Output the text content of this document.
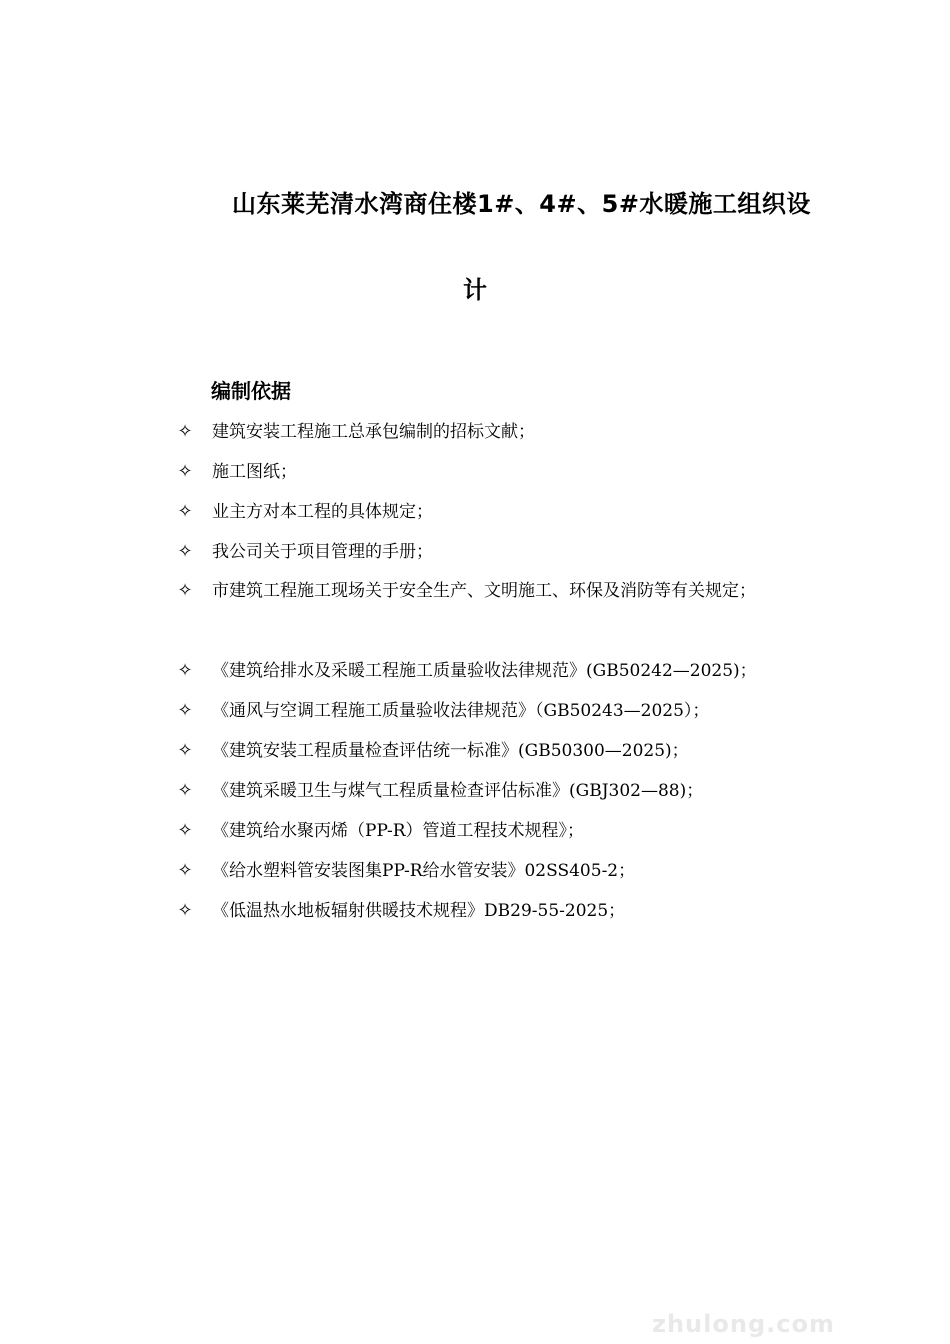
山东莱芜清水湾商住楼1#、4#、5#水暖施工组织设
计
编制依据
✧ 建筑安装工程施工总承包编制的招标文献；
✧ 施工图纸；
✧ 业主方对本工程的具体规定；
✧ 我公司关于项目管理的手册；
✧ 市建筑工程施工现场关于安全生产、文明施工、环保及消防等有关规定；
✧ 《建筑给排水及采暖工程施工质量验收法律规范》(GB50242—2025)；
✧ 《通风与空调工程施工质量验收法律规范》（GB50243—2025）；
✧ 《建筑安装工程质量检查评估统一标准》(GB50300—2025)；
✧ 《建筑采暖卫生与煤气工程质量检查评估标准》(GBJ302—88)；
✧ 《建筑给水聚丙烯（PP-R）管道工程技术规程》；
✧ 《给水塑料管安装图集PP-R给水管安装》02SS405-2；
✧ 《低温热水地板辐射供暖技术规程》DB29-55-2025；
zhulong.com
